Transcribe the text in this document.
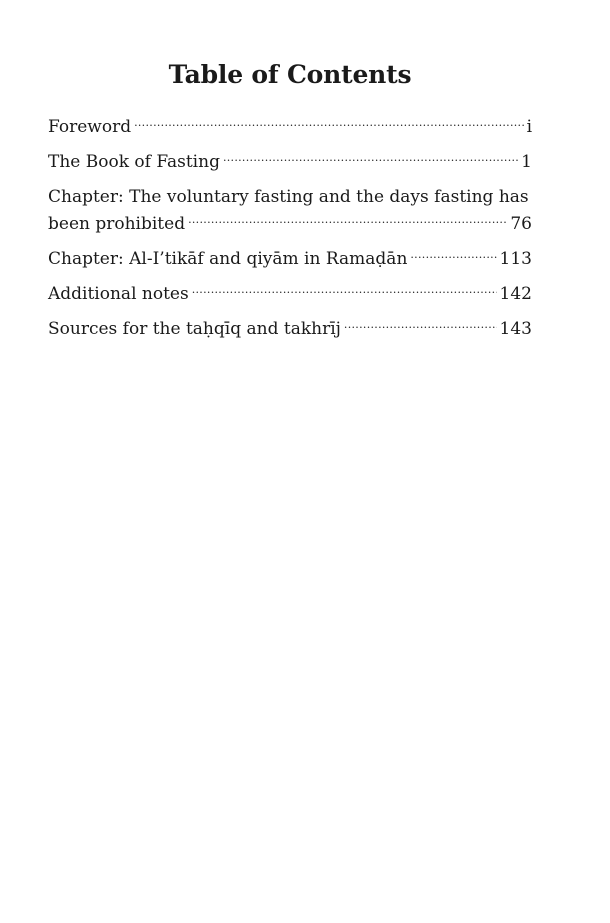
Table of Contents
Foreword .....	i
The Book of Fasting .....	1
Chapter: The voluntary fasting and the days fasting has
been prohibited .....	76
Chapter: Al-I’tikāf and qiyām in Ramaḍān .....	113
Additional notes .....	142
Sources for the taḥqīq and takhrīj .....	143
